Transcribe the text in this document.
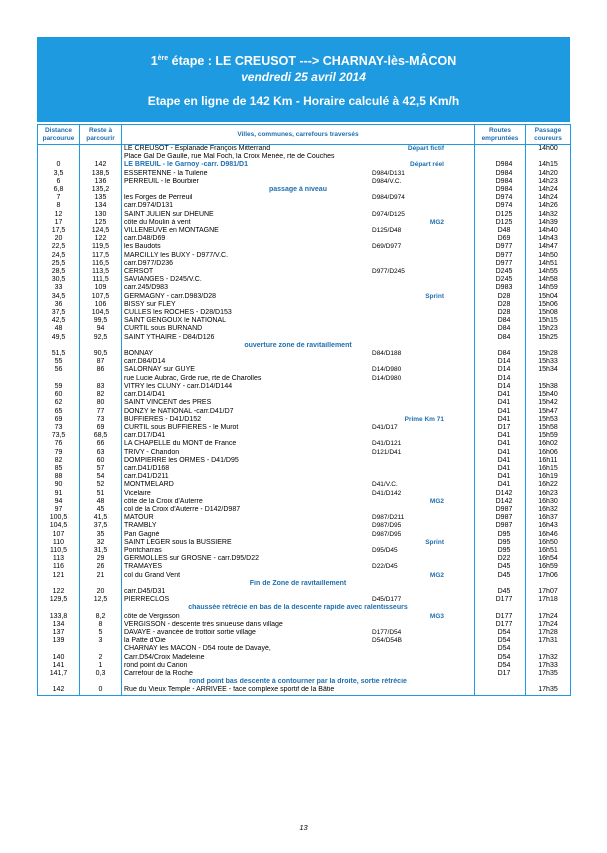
1ère étape : LE CREUSOT ---> CHARNAY-lès-MÂCON
vendredi 25 avril 2014
Etape en ligne de 142 Km - Horaire calculé à 42,5 Km/h
Distance parcourue	Reste à parcourir	Villes, communes, carrefours traversés	Routes empruntées	Passage coureurs
		LE CREUSOT - Esplanade François Mitterrand Départ fictif		14h00
		Place Gal De Gaulle, rue Mal Foch, la Croix Menée, rte de Couches

0	142	LE BREUIL - le Garnoy -carr. D981/D1 Départ réel	D984	14h15
3,5	138,5	ESSERTENNE - la Tuilerie D984/D131	D984	14h20
6	136	PERREUIL - le Bourbier D984/V.C.	D984	14h23
6,8	135,2	passage à niveau	D984	14h24
7	135	les Forges de Perreuil D984/D974	D974	14h24
8	134	carr.D974/D131	D974	14h26
12	130	SAINT JULIEN sur DHEUNE D974/D125	D125	14h32
17	125	côte du Moulin à vent MG2	D125	14h39
17,5	124,5	VILLENEUVE en MONTAGNE D125/D48	D48	14h40
20	122	carr.D48/D69	D69	14h43
22,5	119,5	les Baudots D69/D977	D977	14h47
24,5	117,5	MARCILLY les BUXY - D977/V.C.	D977	14h50
25,5	116,5	carr.D977/D236	D977	14h51
28,5	113,5	CERSOT D977/D245	D245	14h55
30,5	111,5	SAVIANGES - D245/V.C.	D245	14h58
33	109	carr.245/D983	D983	14h59
34,5	107,5	GERMAGNY - carr.D983/D28 Sprint	D28	15h04
36	106	BISSY sur FLEY	D28	15h06
37,5	104,5	CULLES les ROCHES - D28/D153	D28	15h08
42,5	99,5	SAINT GENGOUX le NATIONAL	D84	15h15
48	94	CURTIL sous BURNAND	D84	15h23
49,5	92,5	SAINT YTHAIRE - D84/D126	D84	15h25
		ouverture zone de ravitaillement

51,5	90,5	BONNAY D84/D188	D84	15h28
55	87	carr.D84/D14	D14	15h33
56	86	SALORNAY sur GUYE D14/D980	D14	15h34
		rue Lucie Aubrac, Grde rue, rte de Charolles D14/D980	D14	
59	83	VITRY les CLUNY - carr.D14/D144	D14	15h38
60	82	carr.D14/D41	D41	15h40
62	80	SAINT VINCENT des PRES	D41	15h42
65	77	DONZY le NATIONAL -carr.D41/D7	D41	15h47
69	73	BUFFIERES - D41/D152 Prime Km 71	D41	15h53
73	69	CURTIL sous BUFFIERES - le Murot D41/D17	D17	15h58
73,5	68,5	carr.D17/D41	D41	15h59
76	66	LA CHAPELLE du MONT de France D41/D121	D41	16h02
79	63	TRIVY - Chandon D121/D41	D41	16h06
82	60	DOMPIERRE les ORMES - D41/D95	D41	16h11
85	57	carr.D41/D168	D41	16h15
88	54	carr.D41/D211	D41	16h19
90	52	MONTMELARD D41/V.C.	D41	16h22
91	51	Vicelaire D41/D142	D142	16h23
94	48	côte de la Croix d'Auterre MG2	D142	16h30
97	45	col de la Croix d'Auterre - D142/D987	D987	16h32
100,5	41,5	MATOUR D987/D211	D987	16h37
104,5	37,5	TRAMBLY D987/D95	D987	16h43
107	35	Pari Gagné D987/D95	D95	16h46
110	32	SAINT LEGER sous la BUSSIERE Sprint	D95	16h50
110,5	31,5	Pontcharras D95/D45	D95	16h51
113	29	GERMOLLES sur GROSNE - carr.D95/D22	D22	16h54
116	26	TRAMAYES D22/D45	D45	16h59
121	21	col du Grand Vent MG2	D45	17h06
		Fin de Zone de ravitaillement

122	20	carr.D45/D31	D45	17h07
129,5	12,5	PIERRECLOS D45/D177	D177	17h18
		chaussée rétrécie en bas de la descente rapide avec ralentisseurs

133,8	8,2	côte de Vergisson MG3	D177	17h24
134	8	VERGISSON - descente très sinueuse dans village	D177	17h24
137	5	DAVAYE - avancée de trottoir sortie village D177/D54	D54	17h28
139	3	la Patte d'Oie D54/D54B	D54	17h31
		CHARNAY les MACON - D54 route de Davayé,	D54	
140	2	Carr.D54/Croix Madeleine	D54	17h32
141	1	rond point du Carion	D54	17h33
141,7	0,3	Carrefour de la Roche	D17	17h35
		rond point bas descente à contourner par la droite, sortie rétrécie

142	0	Rue du Vieux Temple - ARRIVEE - face complexe sportif de la Bâtie		17h35
13
